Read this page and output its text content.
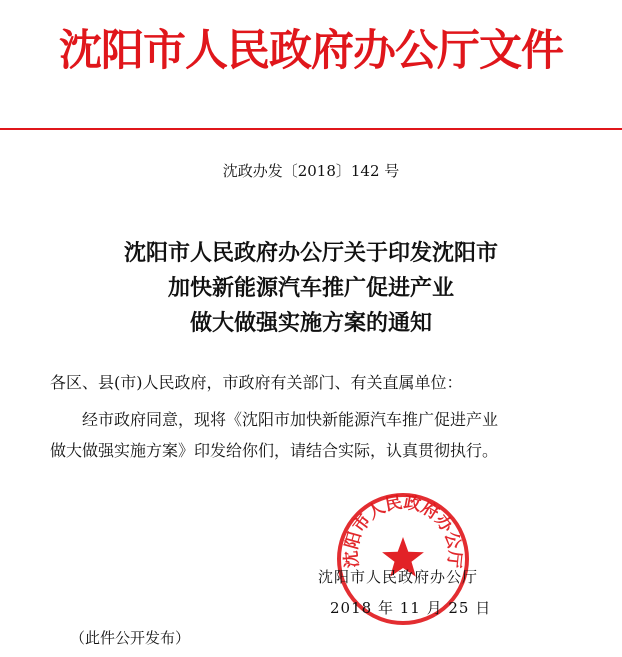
沈阳市人民政府办公厅文件
沈政办发〔2018〕142 号
沈阳市人民政府办公厅关于印发沈阳市
加快新能源汽车推广促进产业
做大做强实施方案的通知
各区、县(市)人民政府，市政府有关部门、有关直属单位：
经市政府同意，现将《沈阳市加快新能源汽车推广促进产业
做大做强实施方案》印发给你们，请结合实际，认真贯彻执行。
沈阳市人民政府办公厅
沈阳市人民政府办公厅
2018 年 11 月 25 日
（此件公开发布）
